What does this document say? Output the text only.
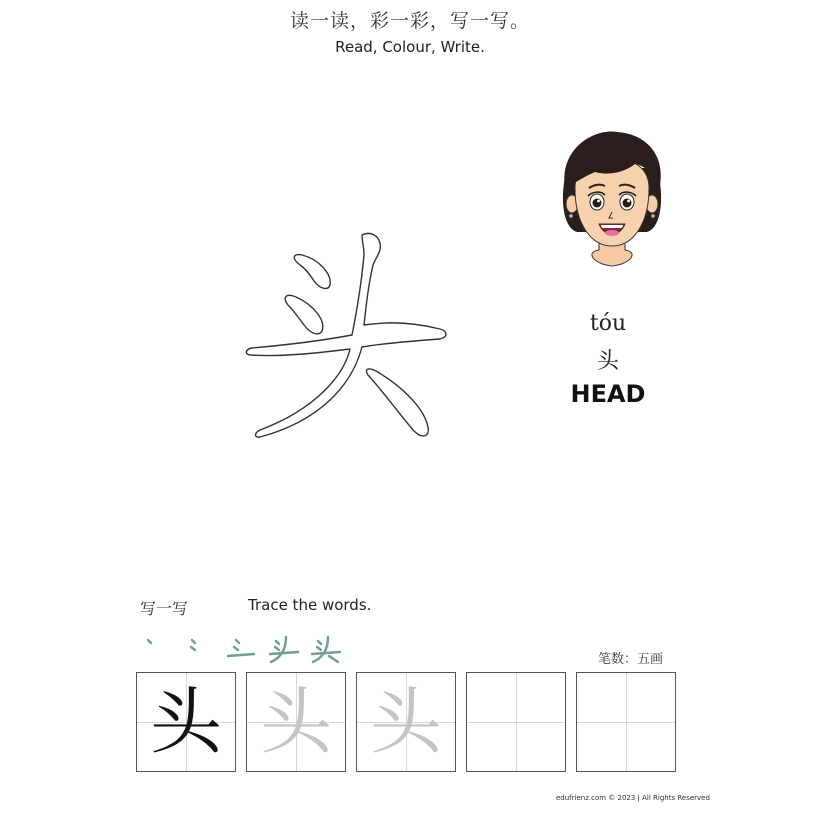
读一读，彩一彩，写一写。
Read, Colour, Write.
tóu
头
HEAD
写一写	Trace the words.
笔数：五画
头 头 头
edufrienz.com © 2023 | All Rights Reserved
